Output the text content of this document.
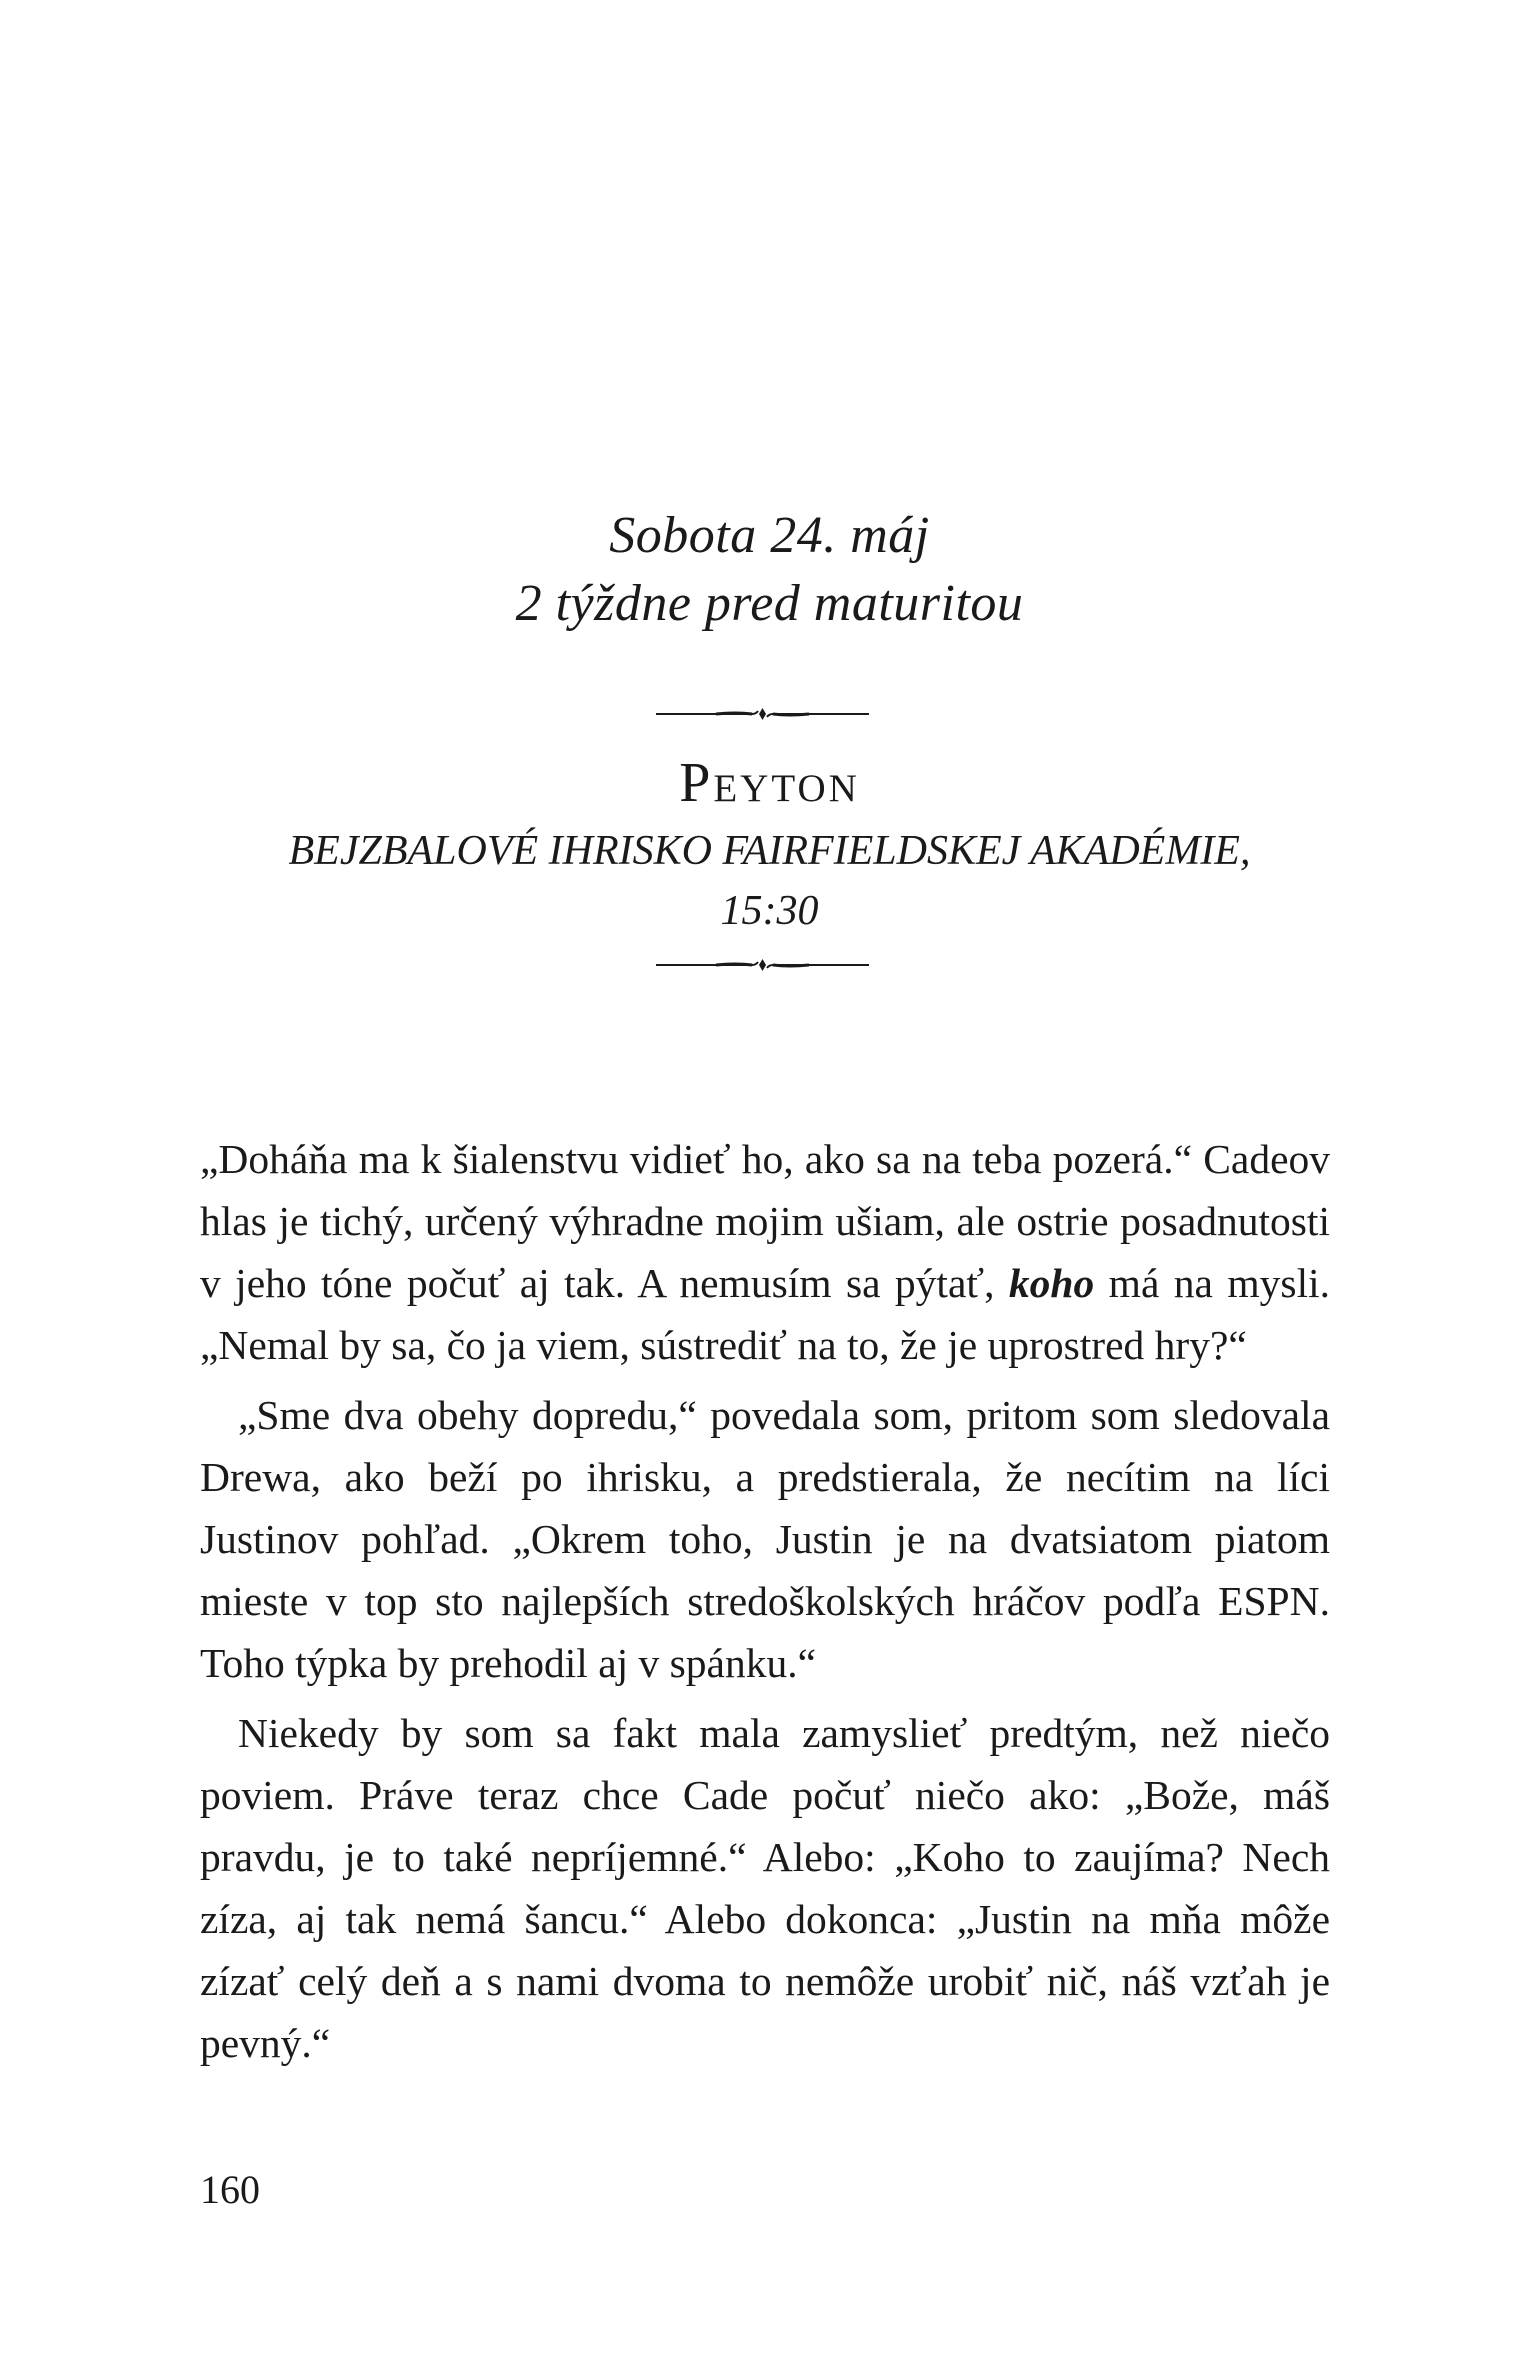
Sobota 24. máj
2 týždne pred maturitou
Peyton
BEJZBALOVÉ IHRISKO FAIRFIELDSKEJ AKADÉMIE,
15:30

„Doháňa ma k šialenstvu vidieť ho, ako sa na teba pozerá.“ Cadeov hlas je tichý, určený výhradne mojim ušiam, ale ostrie posadnutosti v jeho tóne počuť aj tak. A nemusím sa pýtať, koho má na mysli. „Nemal by sa, čo ja viem, sústrediť na to, že je uprostred hry?“

„Sme dva obehy dopredu,“ povedala som, pritom som sledovala Drewa, ako beží po ihrisku, a predstierala, že necítim na líci Justinov pohľad. „Okrem toho, Justin je na dvatsiatom piatom mieste v top sto najlepších stredoškolských hráčov podľa ESPN. Toho týpka by prehodil aj v spánku.“

Niekedy by som sa fakt mala zamyslieť predtým, než niečo poviem. Práve teraz chce Cade počuť niečo ako: „Bože, máš pravdu, je to také nepríjemné.“ Alebo: „Koho to zaujíma? Nech zíza, aj tak nemá šancu.“ Alebo dokonca: „Justin na mňa môže zízať celý deň a s nami dvoma to nemôže urobiť nič, náš vzťah je pevný.“

160
